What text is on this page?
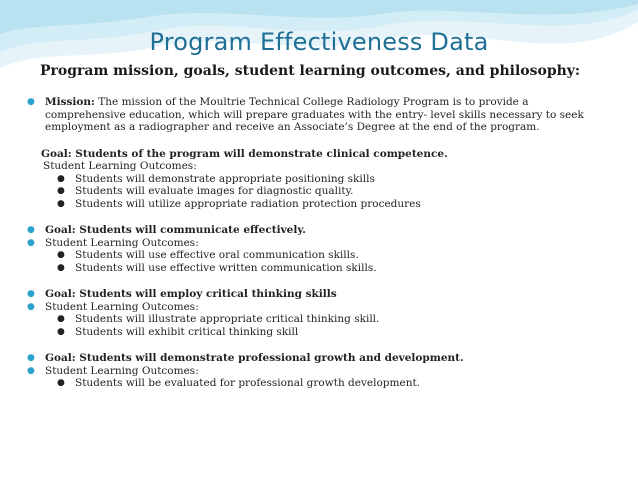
Program Effectiveness Data
Program mission, goals, student learning outcomes, and philosophy:
● Mission: The mission of the Moultrie Technical College Radiology Program is to provide a
comprehensive education, which will prepare graduates with the entry- level skills necessary to seek
employment as a radiographer and receive an Associate’s Degree at the end of the program.
Goal: Students of the program will demonstrate clinical competence.
Student Learning Outcomes:
● Students will demonstrate appropriate positioning skills
● Students will evaluate images for diagnostic quality.
● Students will utilize appropriate radiation protection procedures
● Goal: Students will communicate effectively.
● Student Learning Outcomes:
● Students will use effective oral communication skills.
● Students will use effective written communication skills.
● Goal: Students will employ critical thinking skills
● Student Learning Outcomes:
● Students will illustrate appropriate critical thinking skill.
● Students will exhibit critical thinking skill
● Goal: Students will demonstrate professional growth and development.
● Student Learning Outcomes:
● Students will be evaluated for professional growth development.
